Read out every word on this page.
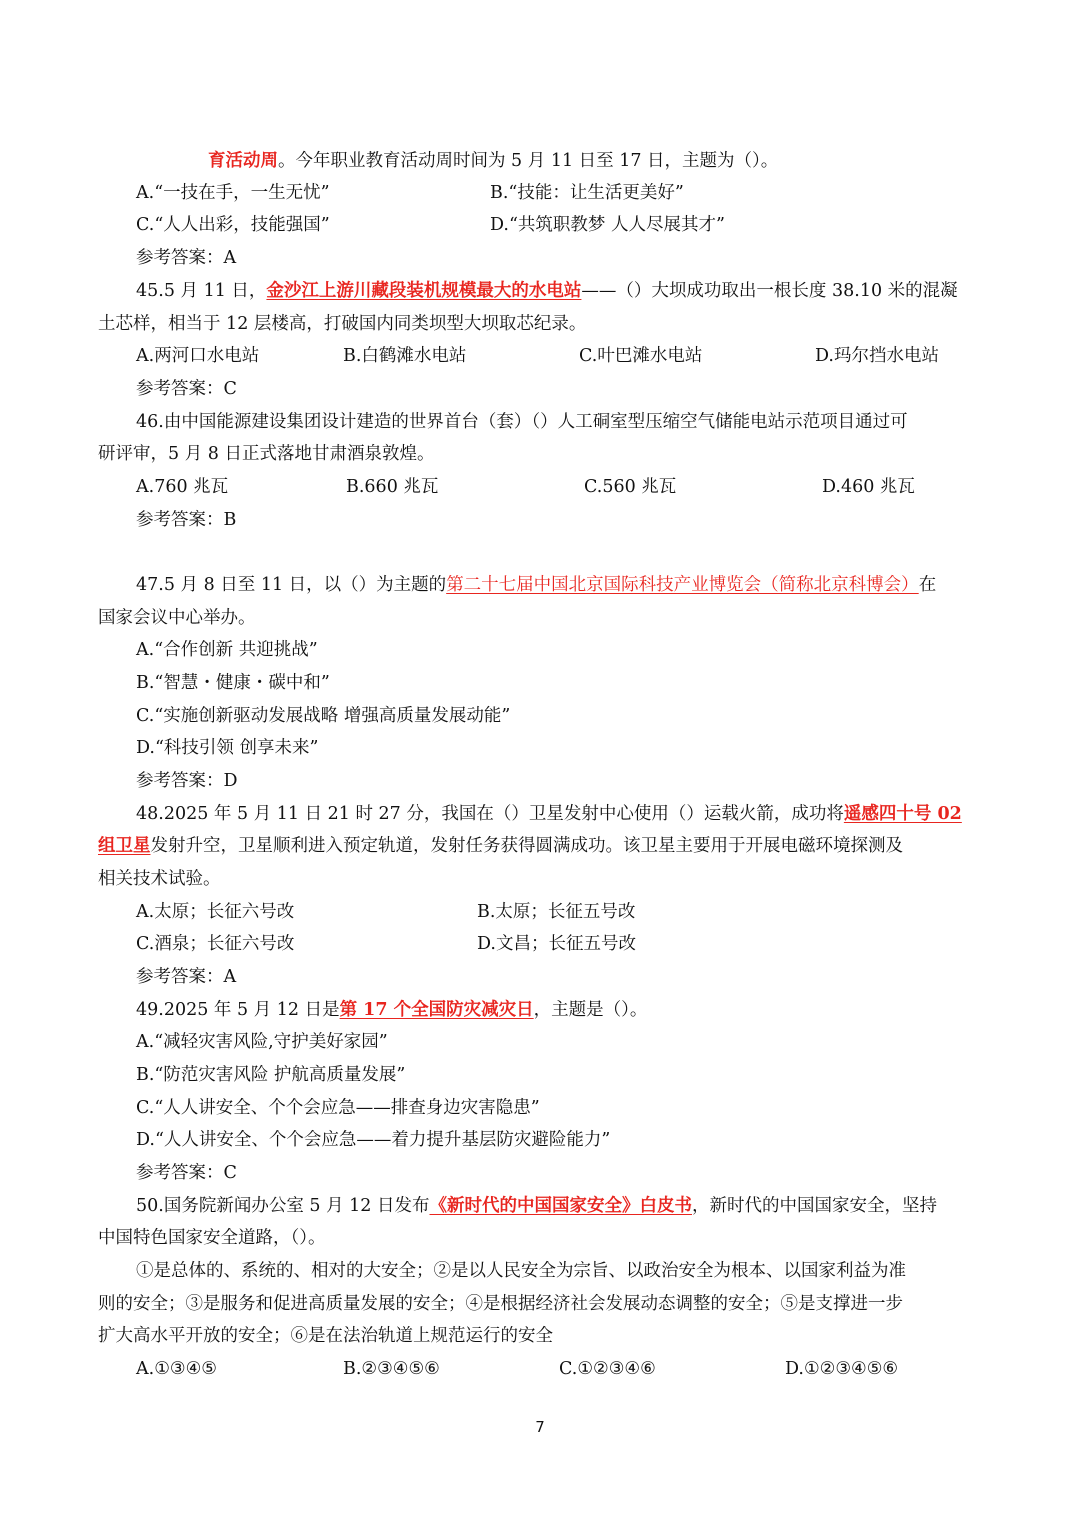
育活动周。今年职业教育活动周时间为 5 月 11 日至 17 日，主题为（）。
A.“一技在手，一生无忧”	B.“技能：让生活更美好”
C.“人人出彩，技能强国”	D.“共筑职教梦 人人尽展其才”
参考答案：A
45.5 月 11 日，金沙江上游川藏段装机规模最大的水电站——（）大坝成功取出一根长度 38.10 米的混凝
土芯样，相当于 12 层楼高，打破国内同类坝型大坝取芯纪录。
A.两河口水电站	B.白鹤滩水电站	C.叶巴滩水电站	D.玛尔挡水电站
参考答案：C
46.由中国能源建设集团设计建造的世界首台（套）（）人工硐室型压缩空气储能电站示范项目通过可
研评审，5 月 8 日正式落地甘肃酒泉敦煌。
A.760 兆瓦	B.660 兆瓦	C.560 兆瓦	D.460 兆瓦
参考答案：B
47.5 月 8 日至 11 日，以（）为主题的第二十七届中国北京国际科技产业博览会（简称北京科博会）在
国家会议中心举办。
A.“合作创新 共迎挑战”
B.“智慧・健康・碳中和”
C.“实施创新驱动发展战略 增强高质量发展动能”
D.“科技引领 创享未来”
参考答案：D
48.2025 年 5 月 11 日 21 时 27 分，我国在（）卫星发射中心使用（）运载火箭，成功将遥感四十号 02
组卫星发射升空，卫星顺利进入预定轨道，发射任务获得圆满成功。该卫星主要用于开展电磁环境探测及
相关技术试验。
A.太原；长征六号改	B.太原；长征五号改
C.酒泉；长征六号改	D.文昌；长征五号改
参考答案：A
49.2025 年 5 月 12 日是第 17 个全国防灾减灾日，主题是（）。
A.“减轻灾害风险,守护美好家园”
B.“防范灾害风险 护航高质量发展”
C.“人人讲安全、个个会应急——排查身边灾害隐患”
D.“人人讲安全、个个会应急——着力提升基层防灾避险能力”
参考答案：C
50.国务院新闻办公室 5 月 12 日发布《新时代的中国国家安全》白皮书，新时代的中国国家安全，坚持
中国特色国家安全道路，（）。
①是总体的、系统的、相对的大安全；②是以人民安全为宗旨、以政治安全为根本、以国家利益为准
则的安全；③是服务和促进高质量发展的安全；④是根据经济社会发展动态调整的安全；⑤是支撑进一步
扩大高水平开放的安全；⑥是在法治轨道上规范运行的安全
A.①③④⑤	B.②③④⑤⑥	C.①②③④⑥	D.①②③④⑤⑥
7
